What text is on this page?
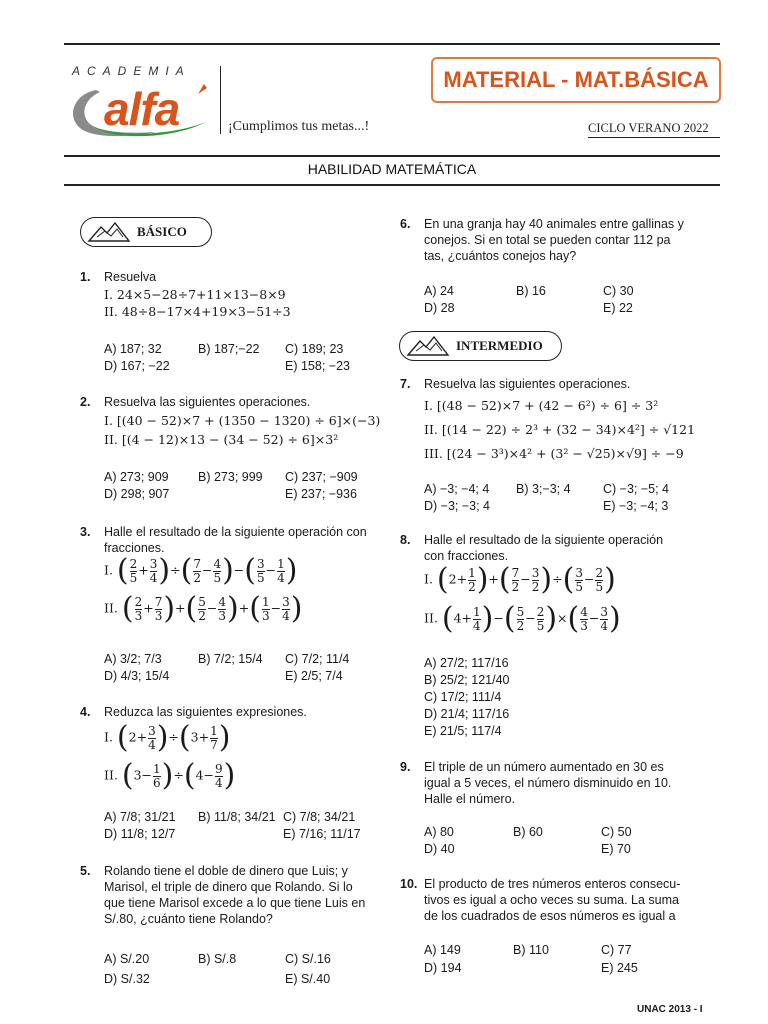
ACADEMIA
alfa	¡Cumplimos tus metas...!
MATERIAL - MAT.BÁSICA
CICLO VERANO 2022
HABILIDAD MATEMÁTICA
BÁSICO
1. Resuelva
I. 24×5−28÷7+11×13−8×9
II. 48÷8−17×4+19×3−51÷3
A) 187; 32	B) 187;−22 C) 189; 23
D) 167; −22	E) 158; −23
2. Resuelva las siguientes operaciones.
I. [(40 − 52)×7 + (1350 − 1320) ÷ 6]×(−3)
II. [(4 − 12)×13 − (34 − 52) ÷ 6]×3²
A) 273; 909 B) 273; 999 C) 237; −909
D) 298; 907	E) 237; −936
3. Halle el resultado de la siguiente operación con
fracciones.
I. ( $\frac{2}{5} + \frac{3}{4}$ )÷( $\frac{7}{2} - \frac{4}{5}$ )−( $\frac{3}{5} - \frac{1}{4}$ )
II. ( $\frac{2}{3} + \frac{7}{3}$ )+( $\frac{5}{2} - \frac{4}{3}$ )+( $\frac{1}{3} - \frac{3}{4}$ )
A) 3/2; 7/3	B) 7/2; 15/4 C) 7/2; 11/4
D) 4/3; 15/4	E) 2/5; 7/4
4. Reduzca las siguientes expresiones.
I. $(2+ \frac{3}{4} )\div(3+ \frac{1}{7}$ )
II. $(3- \frac{1}{6} )\div(4- \frac{9}{4}$ )
A) 7/8; 31/21 B) 11/8; 34/21 C) 7/8; 34/21
D) 11/8; 12/7	E) 7/16; 11/17
5. Rolando tiene el doble de dinero que Luis; y
Marisol, el triple de dinero que Rolando. Si lo
que tiene Marisol excede a lo que tiene Luis en
S/.80, ¿cuánto tiene Rolando?
A) S/.20	B) S/.8	C) S/.16
D) S/.32	E) S/.40
6. En una granja hay 40 animales entre gallinas y
conejos. Si en total se pueden contar 112 pa
tas, ¿cuántos conejos hay?
A) 24	B) 16	C) 30
D) 28	E) 22
INTERMEDIO
7. Resuelva las siguientes operaciones.
I. [(48 − 52)×7 + (42 − 6²) ÷ 6] ÷ 3²
II. [(14 − 22) ÷ 2³ + (32 − 34)×4²] ÷ √121
III. [(24 − 3³)×4² + (3² − √25)×√9] ÷ −9
A) −3; −4; 4 B) 3;−3; 4	C) −3; −5; 4
D) −3; −3; 4	E) −3; −4; 3
8. Halle el resultado de la siguiente operación
con fracciones.
I. ($2+ \frac{1}{2}$ )+( $\frac{7}{2} - \frac{3}{2}$ )÷( $\frac{3}{5} - \frac{2}{5}$ )
II. ($4+ \frac{1}{4}$ )−( $\frac{5}{2} - \frac{2}{5}$ )×( $\frac{4}{3} - \frac{3}{4}$ )
A) 27/2; 117/16
B) 25/2; 121/40
C) 17/2; 111/4
D) 21/4; 117/16
E) 21/5; 117/4
9. El triple de un número aumentado en 30 es
igual a 5 veces, el número disminuido en 10.
Halle el número.
A) 80	B) 60	C) 50
D) 40	E) 70
10. El producto de tres números enteros consecu-
tivos es igual a ocho veces su suma. La suma
de los cuadrados de esos números es igual a
A) 149	B) 110	C) 77
D) 194	E) 245
UNAC 2013 - I
